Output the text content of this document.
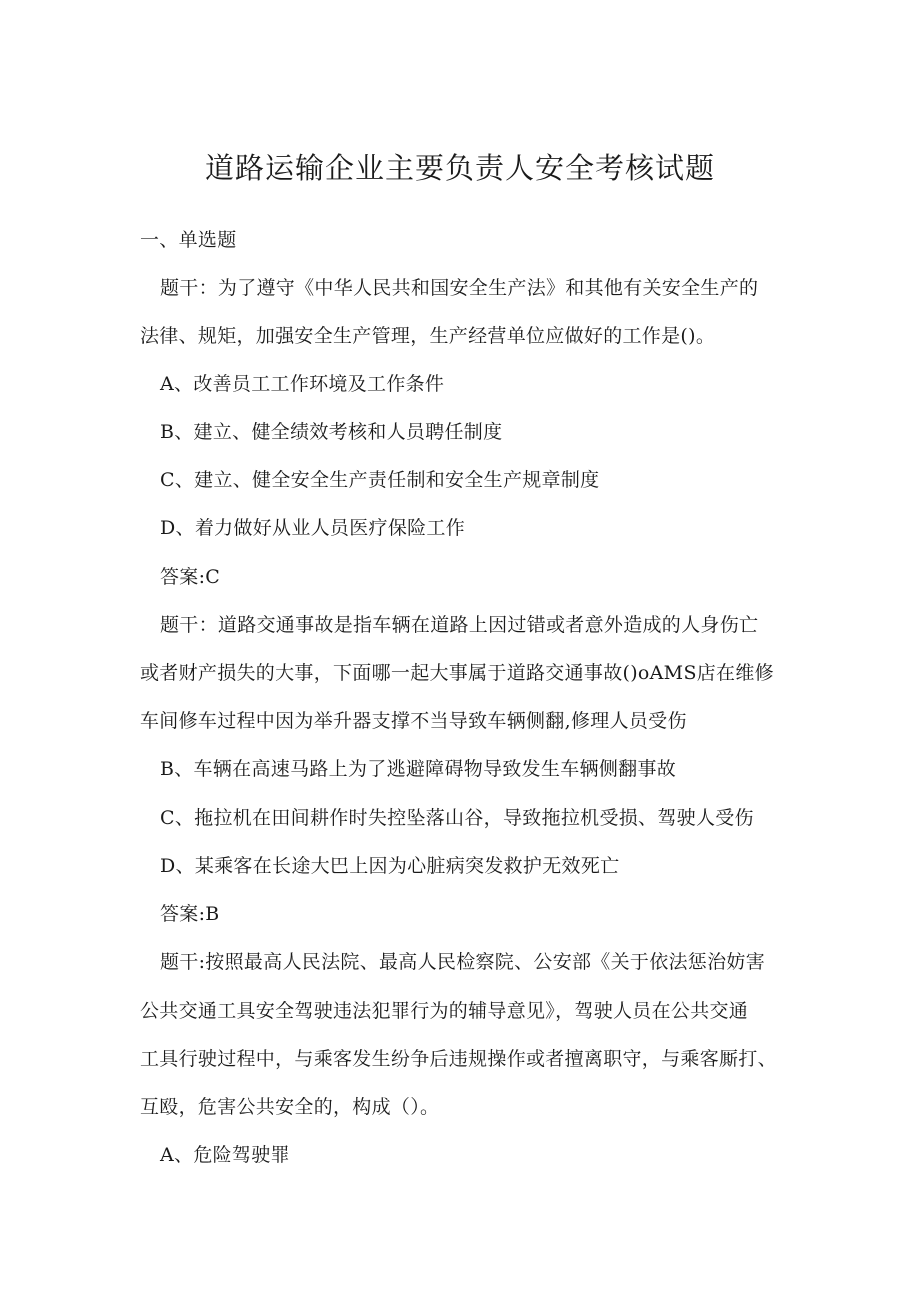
道路运输企业主要负责人安全考核试题
一、单选题
题干：为了遵守《中华人民共和国安全生产法》和其他有关安全生产的
法律、规矩，加强安全生产管理，生产经营单位应做好的工作是()。
A、改善员工工作环境及工作条件
B、建立、健全绩效考核和人员聘任制度
C、建立、健全安全生产责任制和安全生产规章制度
D、着力做好从业人员医疗保险工作
答案:C
题干：道路交通事故是指车辆在道路上因过错或者意外造成的人身伤亡
或者财产损失的大事，下面哪一起大事属于道路交通事故()oAMS店在维修
车间修车过程中因为举升器支撑不当导致车辆侧翻,修理人员受伤
B、车辆在高速马路上为了逃避障碍物导致发生车辆侧翻事故
C、拖拉机在田间耕作时失控坠落山谷，导致拖拉机受损、驾驶人受伤
D、某乘客在长途大巴上因为心脏病突发救护无效死亡
答案:B
题干:按照最高人民法院、最高人民检察院、公安部《关于依法惩治妨害
公共交通工具安全驾驶违法犯罪行为的辅导意见》，驾驶人员在公共交通
工具行驶过程中，与乘客发生纷争后违规操作或者擅离职守，与乘客厮打、
互殴，危害公共安全的，构成（）。
A、危险驾驶罪
